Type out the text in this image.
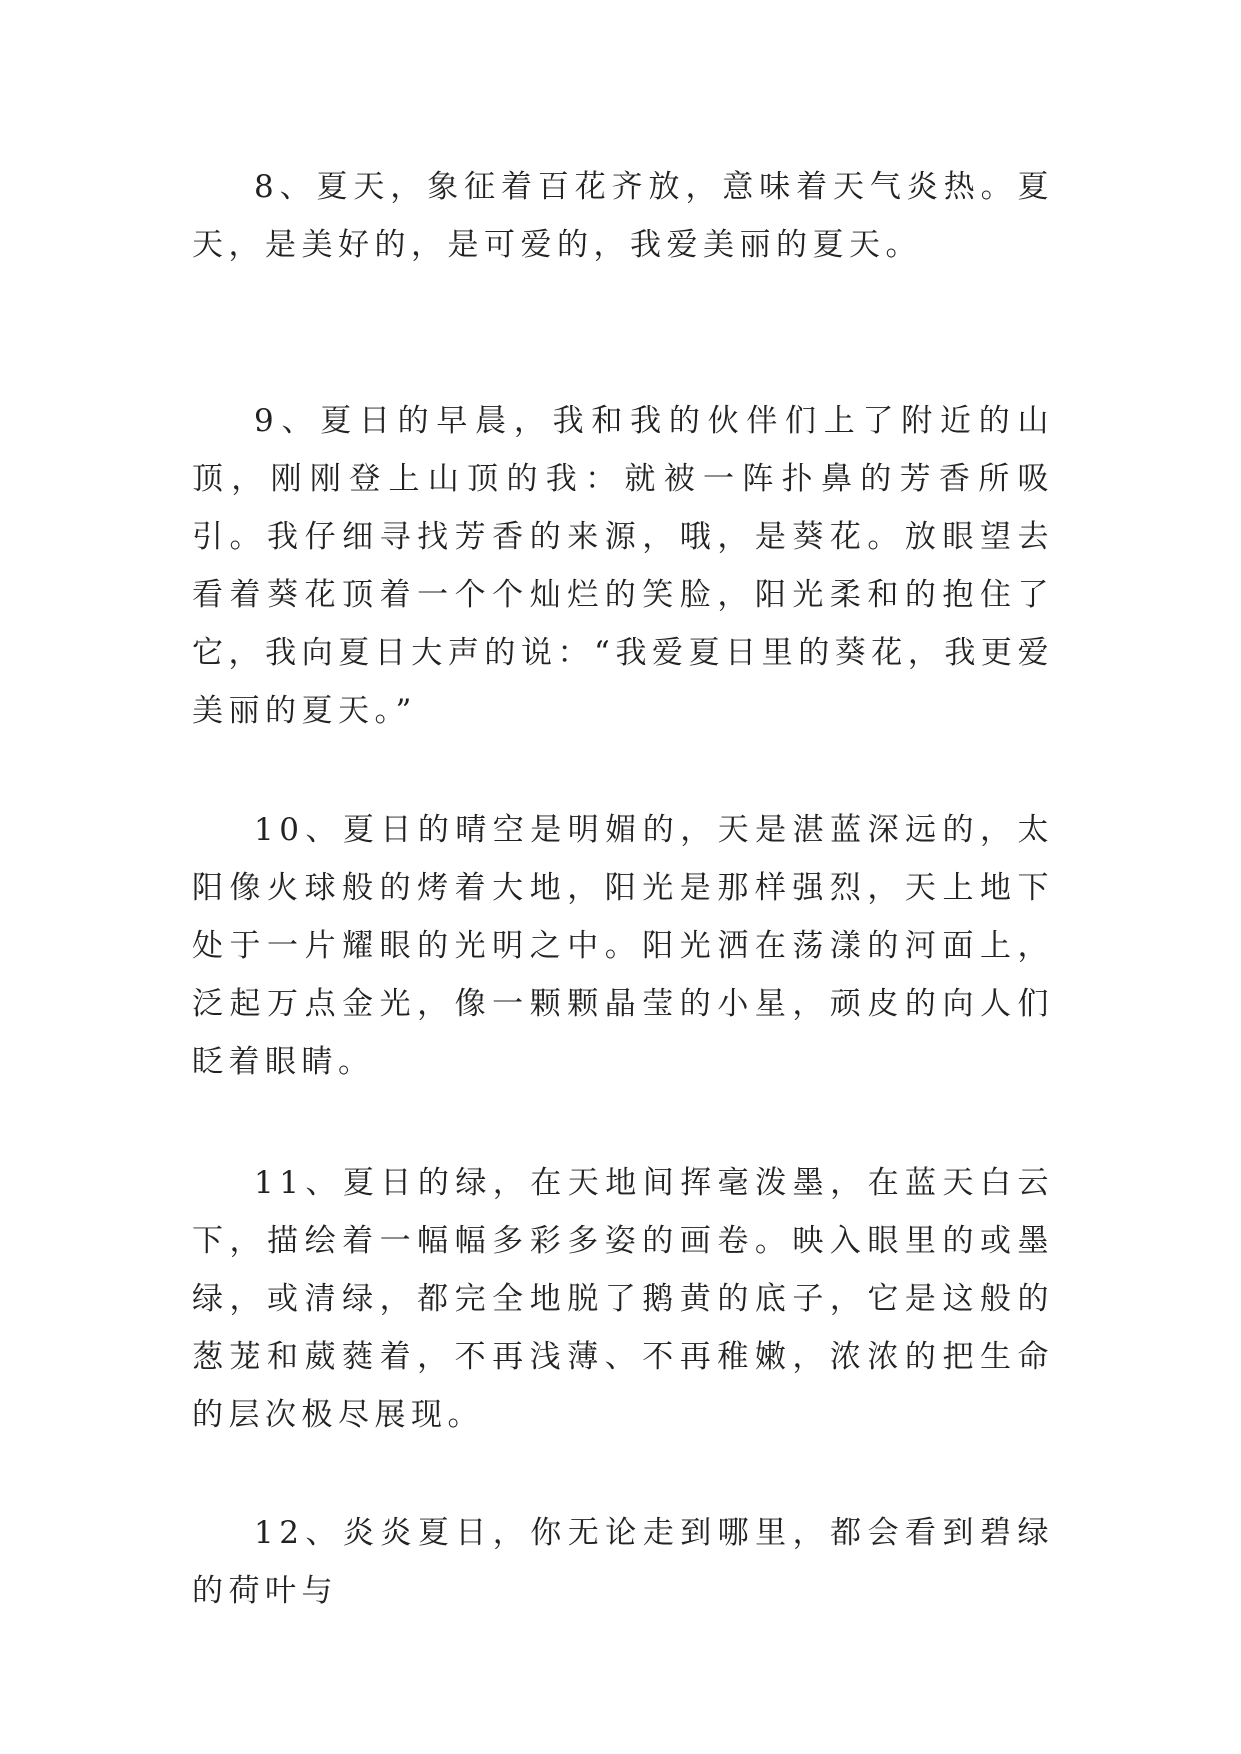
8、夏天，象征着百花齐放，意味着天气炎热。夏天，是美好的，是可爱的，我爱美丽的夏天。

9、夏日的早晨，我和我的伙伴们上了附近的山顶，刚刚登上山顶的我：就被一阵扑鼻的芳香所吸引。我仔细寻找芳香的来源，哦，是葵花。放眼望去看着葵花顶着一个个灿烂的笑脸，阳光柔和的抱住了它，我向夏日大声的说：“我爱夏日里的葵花，我更爱美丽的夏天。”

10、夏日的晴空是明媚的，天是湛蓝深远的，太阳像火球般的烤着大地，阳光是那样强烈，天上地下处于一片耀眼的光明之中。阳光洒在荡漾的河面上，泛起万点金光，像一颗颗晶莹的小星，顽皮的向人们眨着眼睛。

11、夏日的绿，在天地间挥毫泼墨，在蓝天白云下，描绘着一幅幅多彩多姿的画卷。映入眼里的或墨绿，或清绿，都完全地脱了鹅黄的底子，它是这般的葱茏和葳蕤着，不再浅薄、不再稚嫩，浓浓的把生命的层次极尽展现。

12、炎炎夏日，你无论走到哪里，都会看到碧绿的荷叶与
